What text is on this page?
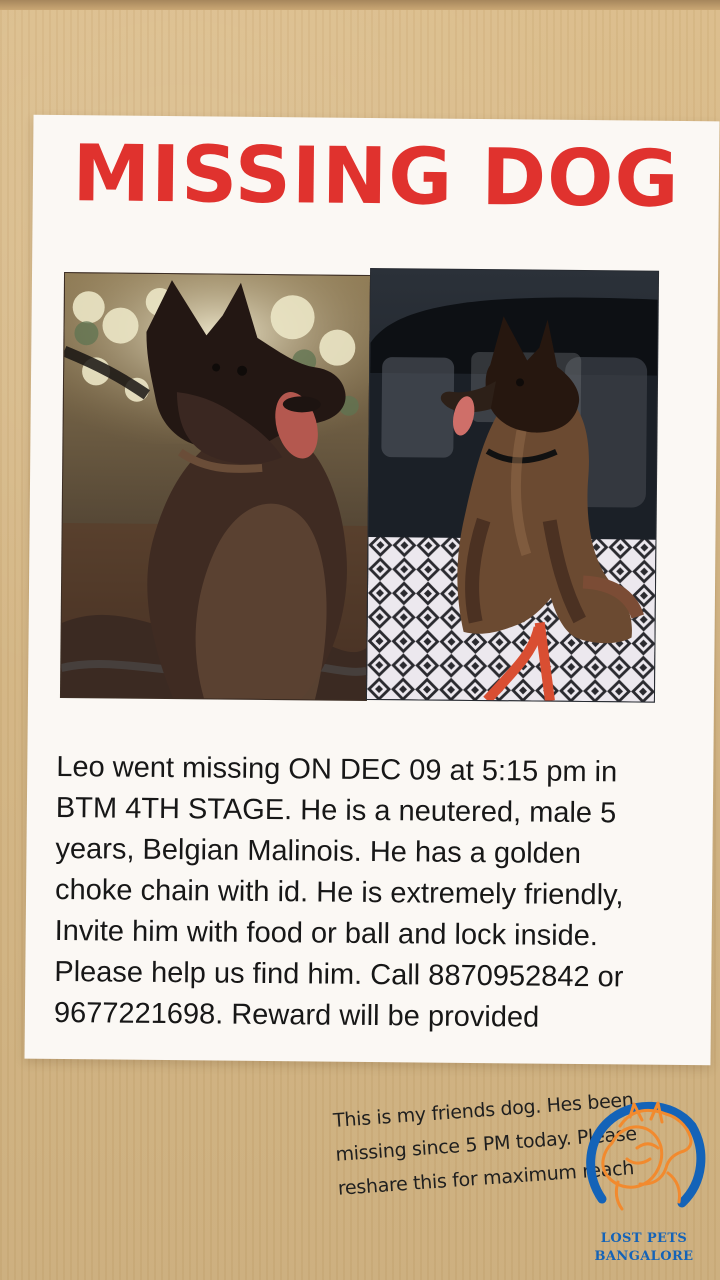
MISSING DOG
Leo went missing ON DEC 09 at 5:15 pm in
BTM 4TH STAGE. He is a neutered, male 5
years, Belgian Malinois. He has a golden
choke chain with id. He is extremely friendly,
Invite him with food or ball and lock inside.
Please help us find him. Call 8870952842 or
9677221698. Reward will be provided
This is my friends dog. Hes been
missing since 5 PM today. Please
reshare this for maximum reach
LOST PETS
BANGALORE
